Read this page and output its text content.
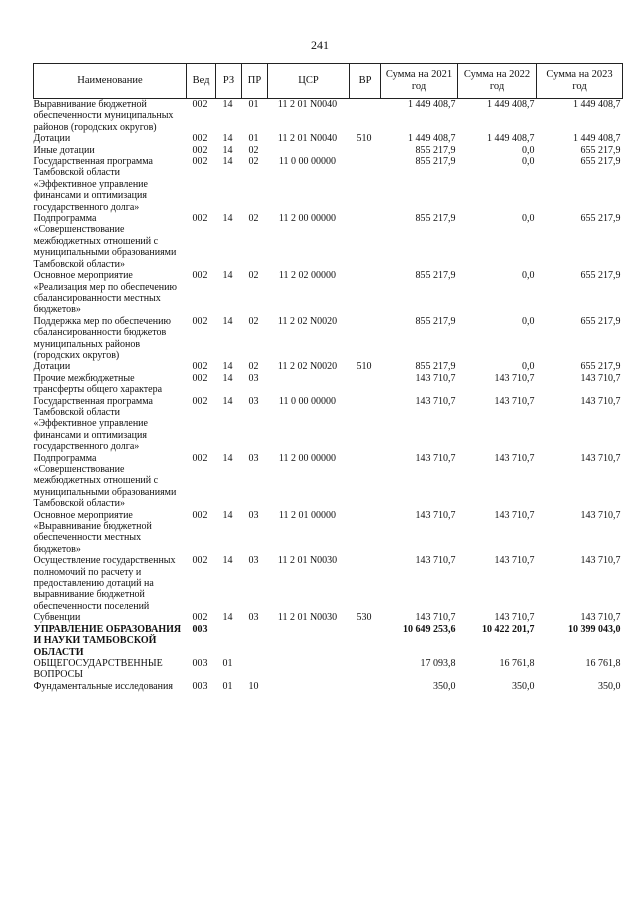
241
Наименование	Вед	РЗ	ПР	ЦСР	ВР	Сумма на 2021 год	Сумма на 2022 год	Сумма на 2023 год
Выравнивание бюджетной обеспеченности муниципальных районов (городских округов)	002	14	01	11 2 01 N0040		1 449 408,7	1 449 408,7	1 449 408,7
Дотации	002	14	01	11 2 01 N0040	510	1 449 408,7	1 449 408,7	1 449 408,7
Иные дотации	002	14	02			855 217,9	0,0	655 217,9
Государственная программа Тамбовской области «Эффективное управление финансами и оптимизация государственного долга»	002	14	02	11 0 00 00000		855 217,9	0,0	655 217,9
Подпрограмма «Совершенствование межбюджетных отношений с муниципальными образованиями Тамбовской области»	002	14	02	11 2 00 00000		855 217,9	0,0	655 217,9
Основное мероприятие «Реализация мер по обеспечению сбалансированности местных бюджетов»	002	14	02	11 2 02 00000		855 217,9	0,0	655 217,9
Поддержка мер по обеспечению сбалансированности бюджетов муниципальных районов (городских округов)	002	14	02	11 2 02 N0020		855 217,9	0,0	655 217,9
Дотации	002	14	02	11 2 02 N0020	510	855 217,9	0,0	655 217,9
Прочие межбюджетные трансферты общего характера	002	14	03			143 710,7	143 710,7	143 710,7
Государственная программа Тамбовской области «Эффективное управление финансами и оптимизация государственного долга»	002	14	03	11 0 00 00000		143 710,7	143 710,7	143 710,7
Подпрограмма «Совершенствование межбюджетных отношений с муниципальными образованиями Тамбовской области»	002	14	03	11 2 00 00000		143 710,7	143 710,7	143 710,7
Основное мероприятие «Выравнивание бюджетной обеспеченности местных бюджетов»	002	14	03	11 2 01 00000		143 710,7	143 710,7	143 710,7
Осуществление государственных полномочий по расчету и предоставлению дотаций на выравнивание бюджетной обеспеченности поселений	002	14	03	11 2 01 N0030		143 710,7	143 710,7	143 710,7
Субвенции	002	14	03	11 2 01 N0030	530	143 710,7	143 710,7	143 710,7
УПРАВЛЕНИЕ ОБРАЗОВАНИЯ И НАУКИ ТАМБОВСКОЙ ОБЛАСТИ	003					10 649 253,6	10 422 201,7	10 399 043,0
ОБЩЕГОСУДАРСТВЕННЫЕ ВОПРОСЫ	003	01				17 093,8	16 761,8	16 761,8
Фундаментальные исследования	003	01	10			350,0	350,0	350,0
